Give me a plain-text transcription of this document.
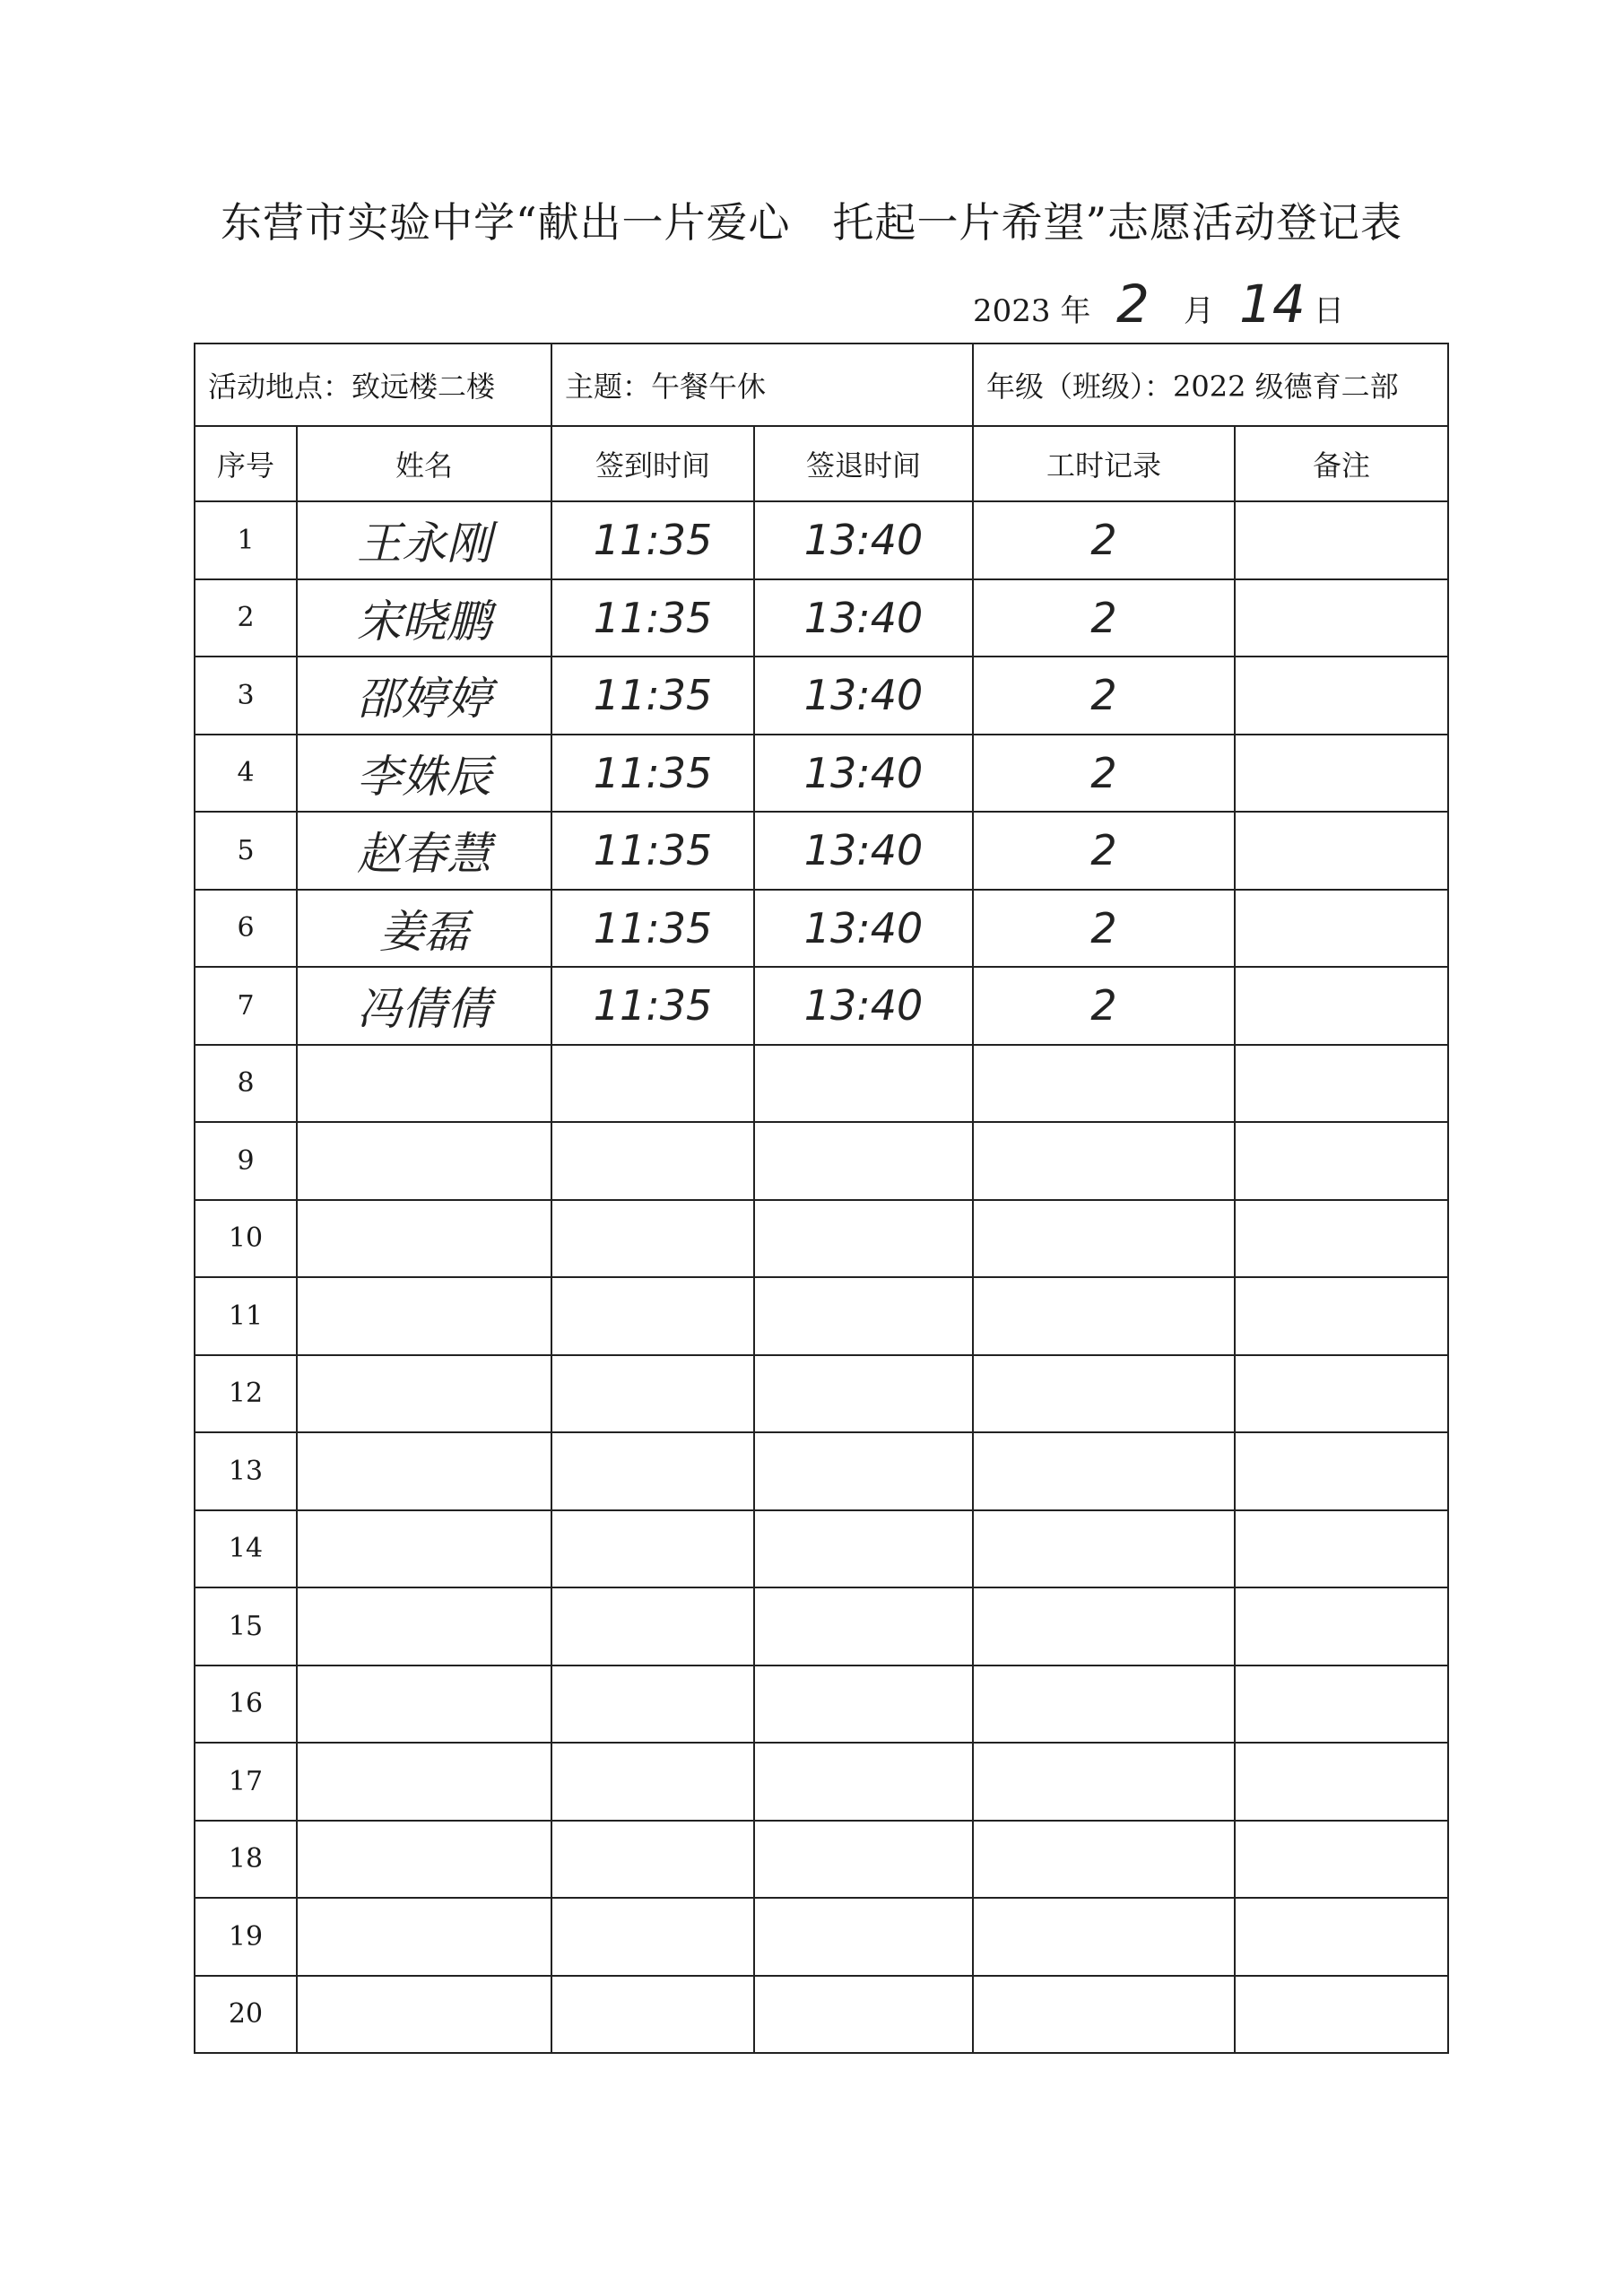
东营市实验中学“献出一片爱心　托起一片希望”志愿活动登记表
2023 年 2 月 14 日
活动地点：致远楼二楼		主题：午餐午休		年级（班级）：2022 级德育二部	
序号	姓名	签到时间	签退时间	工时记录	备注
1	王永刚	11:35	13:40	2	
2	宋晓鹏	11:35	13:40	2	
3	邵婷婷	11:35	13:40	2	
4	李姝辰	11:35	13:40	2	
5	赵春慧	11:35	13:40	2	
6	姜磊	11:35	13:40	2	
7	冯倩倩	11:35	13:40	2	
8					
9					
10					
11					
12					
13					
14					
15					
16					
17					
18					
19					
20					
